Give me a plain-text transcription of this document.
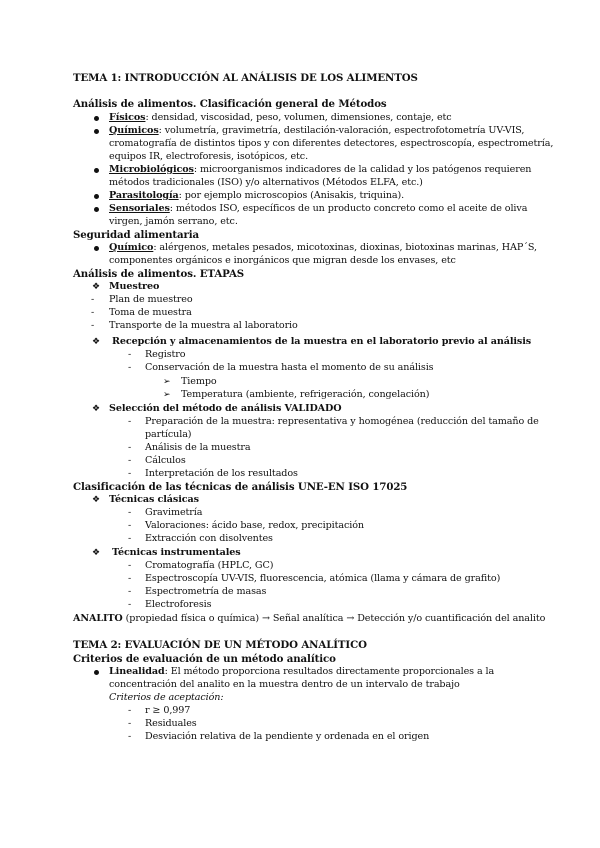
TEMA 1: INTRODUCCIÓN AL ANÁLISIS DE LOS ALIMENTOS
Análisis de alimentos. Clasificación general de Métodos
Físicos: densidad, viscosidad, peso, volumen, dimensiones, contaje, etc
Químicos: volumetría, gravimetría, destilación-valoración, espectrofotometría UV-VIS,
cromatografía de distintos tipos y con diferentes detectores, espectroscopía, espectrometría,
equipos IR, electroforesis, isotópicos, etc.
Microbiológicos: microorganismos indicadores de la calidad y los patógenos requieren
métodos tradicionales (ISO) y/o alternativos (Métodos ELFA, etc.)
Parasitología: por ejemplo microscopios (Anisakis, triquina).
Sensoriales: métodos ISO, específicos de un producto concreto como el aceite de oliva
virgen, jamón serrano, etc.
Seguridad alimentaria
Químico: alérgenos, metales pesados, micotoxinas, dioxinas, biotoxinas marinas, HAP´S,
componentes orgánicos e inorgánicos que migran desde los envases, etc
Análisis de alimentos. ETAPAS
❖ Muestreo
- Plan de muestreo
- Toma de muestra
- Transporte de la muestra al laboratorio
❖ Recepción y almacenamientos de la muestra en el laboratorio previo al análisis
- Registro
- Conservación de la muestra hasta el momento de su análisis
➢ Tiempo
➢ Temperatura (ambiente, refrigeración, congelación)
❖ Selección del método de análisis VALIDADO
- Preparación de la muestra: representativa y homogénea (reducción del tamaño de
partícula)
- Análisis de la muestra
- Cálculos
- Interpretación de los resultados
Clasificación de las técnicas de análisis UNE-EN ISO 17025
❖ Técnicas clásicas
- Gravimetría
- Valoraciones: ácido base, redox, precipitación
- Extracción con disolventes
❖ Técnicas instrumentales
- Cromatografía (HPLC, GC)
- Espectroscopía UV-VIS, fluorescencia, atómica (llama y cámara de grafito)
- Espectrometría de masas
- Electroforesis
ANALITO (propiedad física o química) → Señal analítica → Detección y/o cuantificación del analito
TEMA 2: EVALUACIÓN DE UN MÉTODO ANALÍTICO
Criterios de evaluación de un método analítico
Linealidad: El método proporciona resultados directamente proporcionales a la
concentración del analito en la muestra dentro de un intervalo de trabajo
Criterios de aceptación:
- r ≥ 0,997
- Residuales
- Desviación relativa de la pendiente y ordenada en el origen
